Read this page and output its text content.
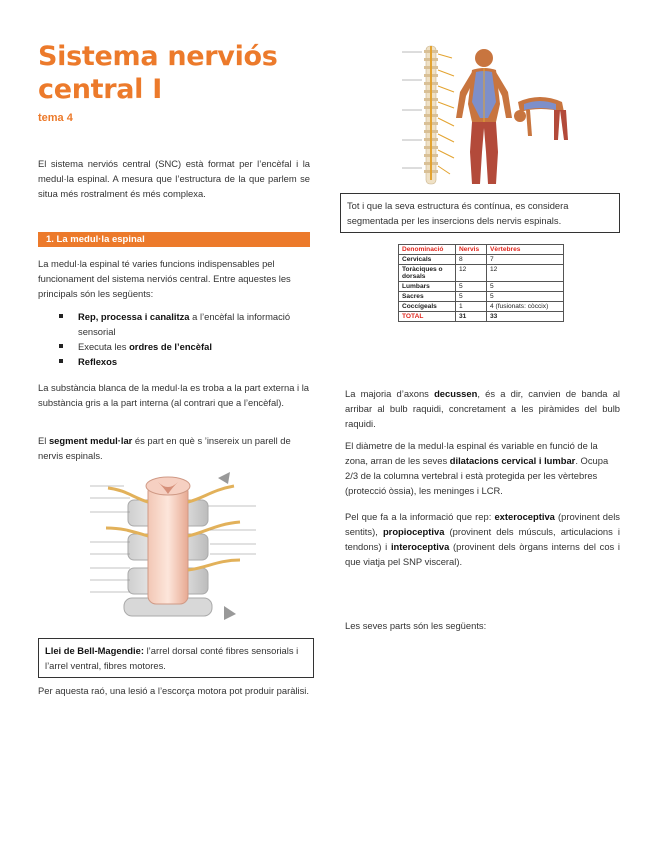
Sistema nerviós central I
tema 4

El sistema nerviós central (SNC) està format per l’encèfal i la medul·la espinal. A mesura que l’estructura de la que parlem se situa més rostralment és més complexa.

1. La medul·la espinal

La medul·la espinal té varies funcions indispensables pel funcionament del sistema nerviós central. Entre aquestes les principals són les següents:

Rep, processa i canalitza a l’encèfal la informació sensorial
Executa les ordres de l’encèfal
Reflexos

La substància blanca de la medul·la es troba a la part externa i la substància gris a la part interna (al contrari que a l’encèfal).

El segment medul·lar és part en què s ’insereix un parell de nervis espinals.

Llei de Bell-Magendie: l’arrel dorsal conté fibres sensorials i l’arrel ventral, fibres motores.

Per aquesta raó, una lesió a l’escorça motora pot produir paràlisi.

Tot i que la seva estructura és contínua, es considera segmentada per les insercions dels nervis espinals.
Denominació	Nervis	Vèrtebres
Cervicals	8	7
Toràciques o dorsals	12	12
Lumbars	5	5
Sacres	5	5
Coccígeals	1	4 (fusionats: còccix)
TOTAL	31	33

La majoria d’axons decussen, és a dir, canvien de banda al arribar al bulb raquidi, concretament a les piràmides del bulb raquidi.

El diàmetre de la medul·la espinal és variable en funció de la zona, arran de les seves dilatacions cervical i lumbar. Ocupa 2/3 de la columna vertebral i està protegida per les vèrtebres (protecció òssia), les meninges i LCR.

Pel que fa a la informació que rep: exteroceptiva (provinent dels sentits), propioceptiva (provinent dels músculs, articulacions i tendons) i interoceptiva (provinent dels òrgans interns del cos i que viatja pel SNP visceral).

Les seves parts són les següents:
